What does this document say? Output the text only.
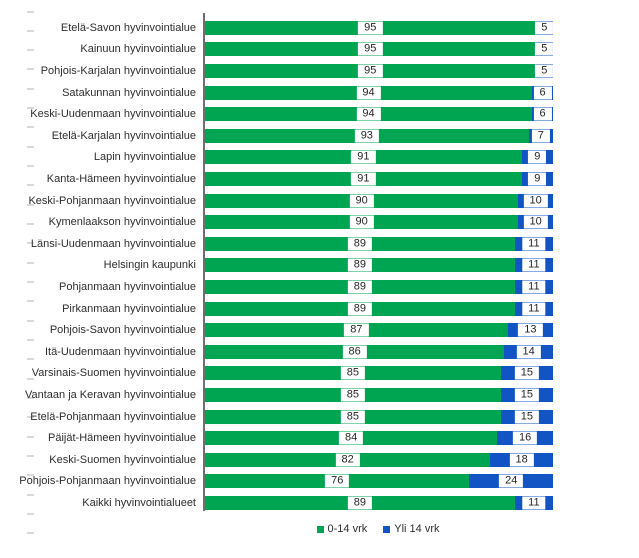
Etelä-Savon hyvinvointialue	95	5
Kainuun hyvinvointialue	95	5
Pohjois-Karjalan hyvinvointialue	95	5
Satakunnan hyvinvointialue	94	6
Keski-Uudenmaan hyvinvointialue	94	6
Etelä-Karjalan hyvinvointialue	93	7
Lapin hyvinvointialue	91	9
Kanta-Hämeen hyvinvointialue	91	9
Keski-Pohjanmaan hyvinvointialue	90	10
Kymenlaakson hyvinvointialue	90	10
Länsi-Uudenmaan hyvinvointialue	89	11
Helsingin kaupunki	89	11
Pohjanmaan hyvinvointialue	89	11
Pirkanmaan hyvinvointialue	89	11
Pohjois-Savon hyvinvointialue	87	13
Itä-Uudenmaan hyvinvointialue	86	14
Varsinais-Suomen hyvinvointialue	85	15
Vantaan ja Keravan hyvinvointialue	85	15
Etelä-Pohjanmaan hyvinvointialue	85	15
Päijät-Hämeen hyvinvointialue	84	16
Keski-Suomen hyvinvointialue	82	18
Pohjois-Pohjanmaan hyvinvointialue	76	24
Kaikki hyvinvointialueet	89	11
0-14 vrk Yli 14 vrk
